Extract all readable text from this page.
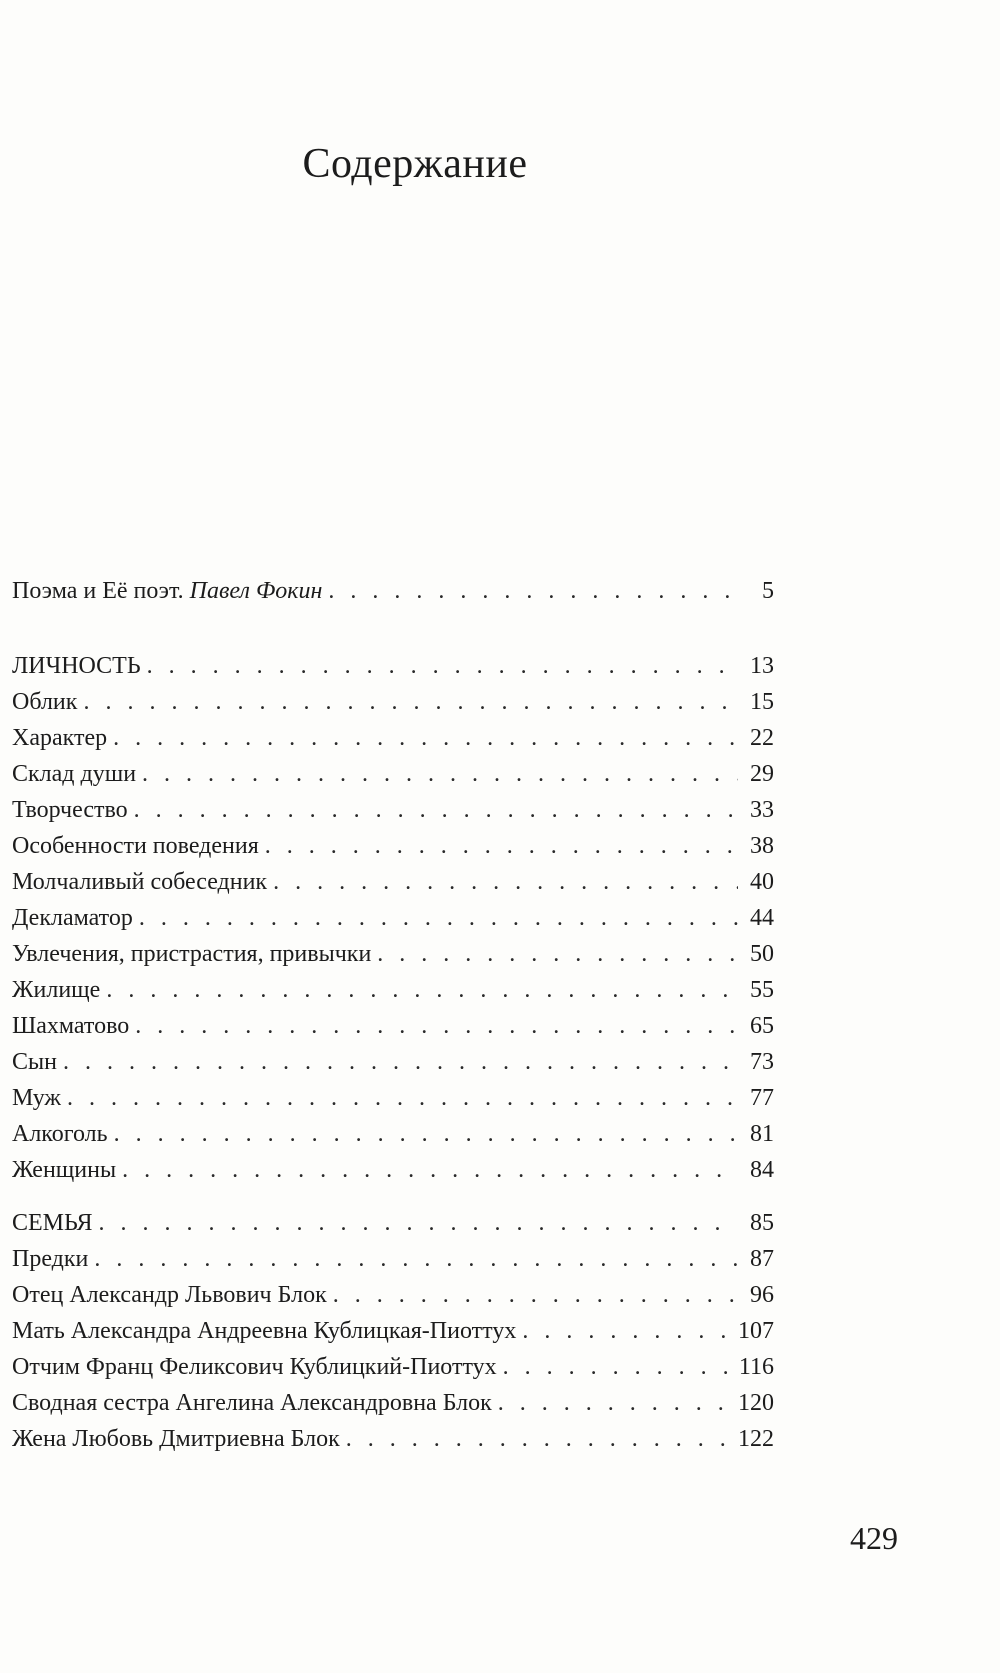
Содержание
Поэма и Её поэт. Павел Фокин . . .	5
ЛИЧНОСТЬ . . .	13
Облик . . .	15
Характер . . .	22
Склад души . . .	29
Творчество . . .	33
Особенности поведения . . .	38
Молчаливый собеседник . . .	40
Декламатор . . .	44
Увлечения, пристрастия, привычки . . .	50
Жилище . . .	55
Шахматово . . .	65
Сын . . .	73
Муж . . .	77
Алкоголь . . .	81
Женщины . . .	84
СЕМЬЯ . . .	85
Предки . . .	87
Отец Александр Львович Блок . . .	96
Мать Александра Андреевна Кублицкая-Пиоттух . . .	107
Отчим Франц Феликсович Кублицкий-Пиоттух . . .	116
Сводная сестра Ангелина Александровна Блок . . .	120
Жена Любовь Дмитриевна Блок . . .	122
429
